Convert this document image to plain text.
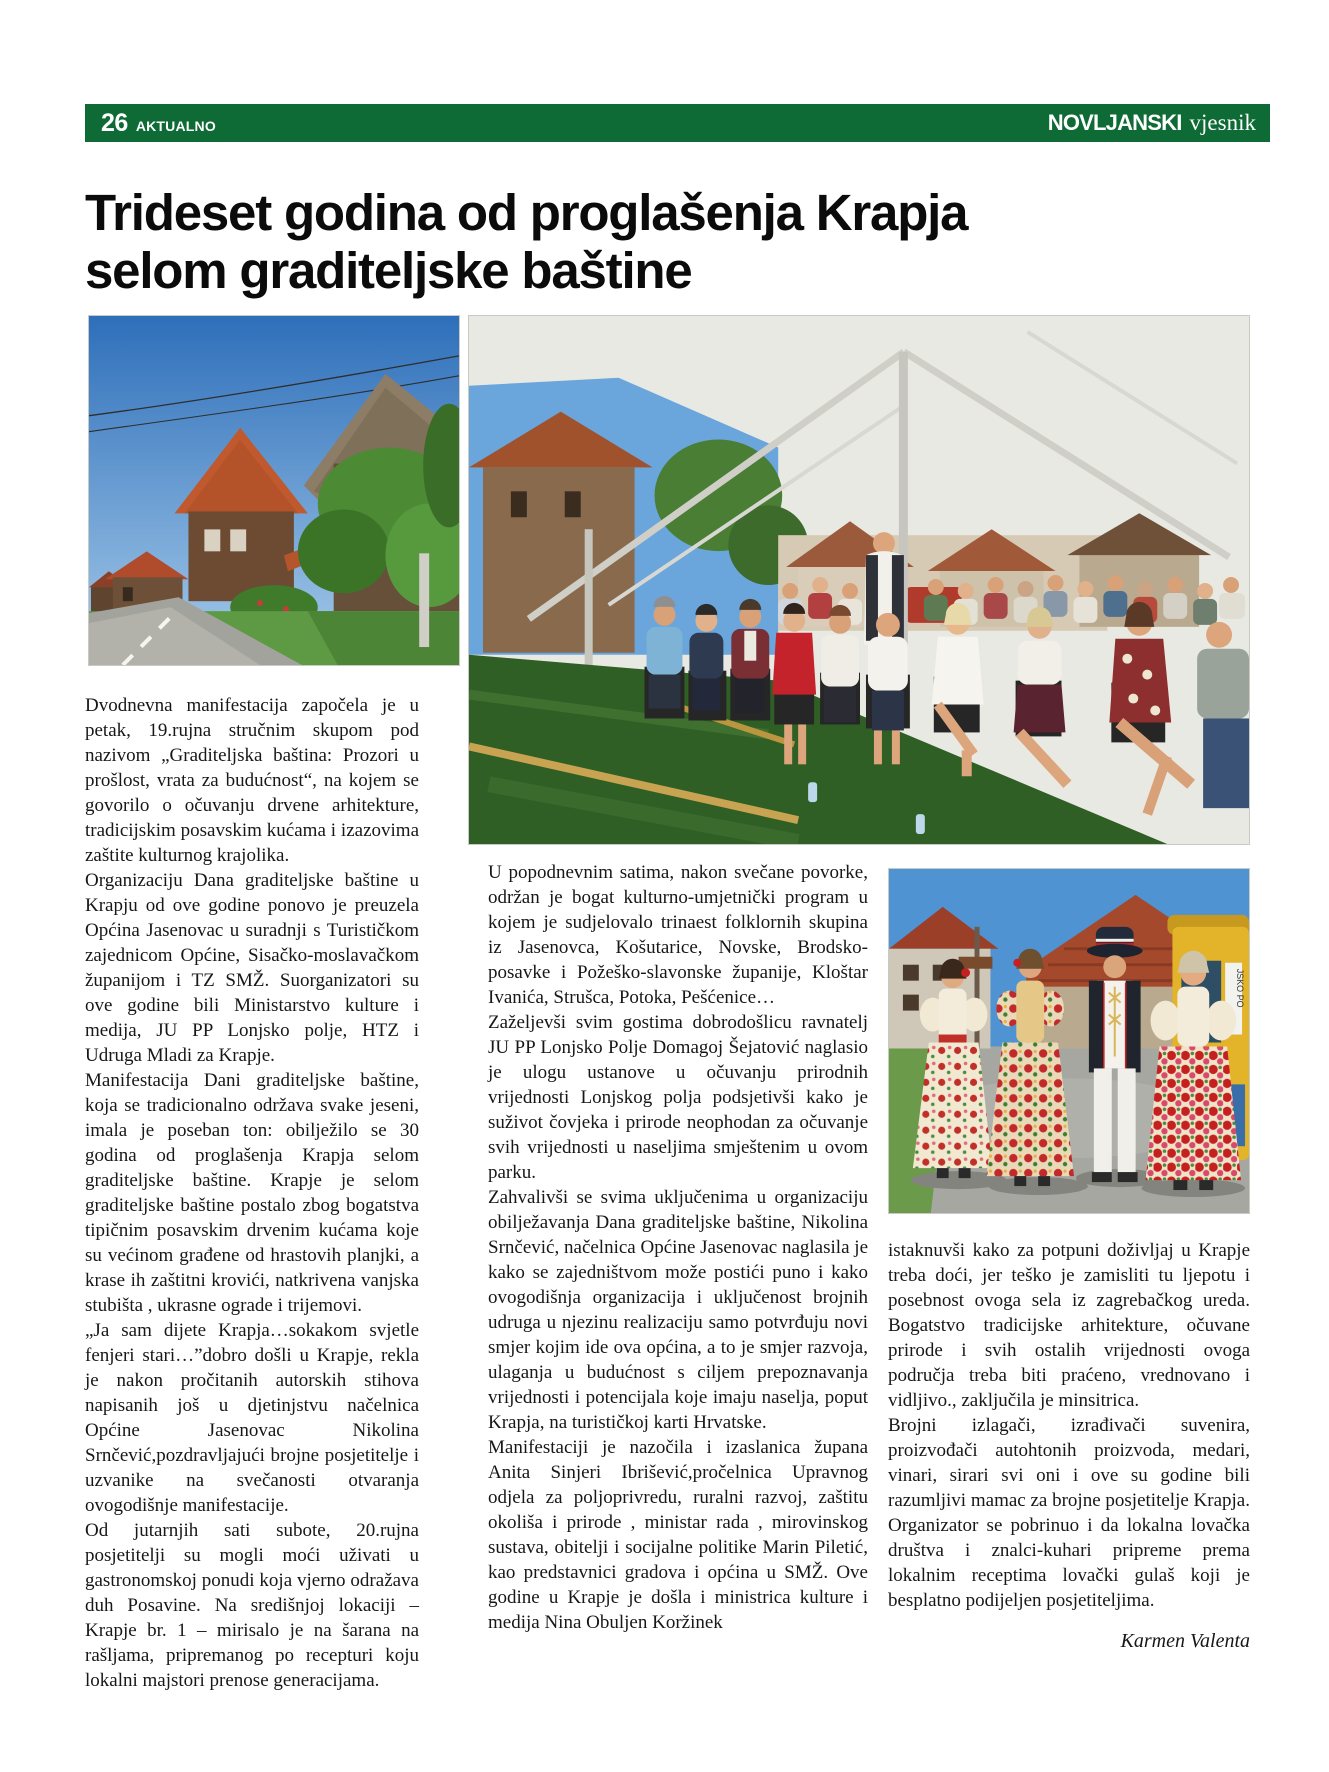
26 AKTUALNO	NOVLJANSKI vjesnik
Trideset godina od proglašenja Krapja
selom graditeljske baštine
JSKO PO

Dvodnevna manifestacija započela je u petak, 19.rujna stručnim skupom pod nazivom „Graditeljska baština: Prozori u prošlost, vrata za budućnost“, na kojem se govorilo o očuvanju drvene arhitekture, tradicijskim posavskim kućama i izazovima zaštite kulturnog krajolika.

Organizaciju Dana graditeljske baštine u Krapju od ove godine ponovo je preuzela Općina Jasenovac u suradnji s Turističkom zajednicom Općine, Sisačko-moslavačkom županijom i TZ SMŽ. Suorganizatori su ove godine bili Ministarstvo kulture i medija, JU PP Lonjsko polje, HTZ i Udruga Mladi za Krapje.

Manifestacija Dani graditeljske baštine, koja se tradicionalno održava svake jeseni, imala je poseban ton: obilježilo se 30 godina od proglašenja Krapja selom graditeljske baštine. Krapje je selom graditeljske baštine postalo zbog bogatstva tipičnim posavskim drvenim kućama koje su većinom građene od hrastovih planjki, a krase ih zaštitni krovići, natkrivena vanjska stubišta , ukrasne ograde i trijemovi.

„Ja sam dijete Krapja…sokakom svjetle fenjeri stari…”dobro došli u Krapje, rekla je nakon pročitanih autorskih stihova napisanih još u djetinjstvu načelnica Općine Jasenovac Nikolina Srnčević,pozdravljajući brojne posjetitelje i uzvanike na svečanosti otvaranja ovogodišnje manifestacije.

Od jutarnjih sati subote, 20.rujna posjetitelji su mogli moći uživati u gastronomskoj ponudi koja vjerno odražava duh Posavine. Na središnjoj lokaciji – Krapje br. 1 – mirisalo je na šarana na rašljama, pripremanog po recepturi koju lokalni majstori prenose generacijama.

U popodnevnim satima, nakon svečane povorke, održan je bogat kulturno-umjetnički program u kojem je sudjelovalo trinaest folklornih skupina iz Jasenovca, Košutarice, Novske, Brodsko-posavke i Požeško-slavonske županije, Kloštar Ivanića, Strušca, Potoka, Pešćenice…

Zaželjevši svim gostima dobrodošlicu ravnatelj JU PP Lonjsko Polje Domagoj Šejatović naglasio je ulogu ustanove u očuvanju prirodnih vrijednosti Lonjskog polja podsjetivši kako je suživot čovjeka i prirode neophodan za očuvanje svih vrijednosti u naseljima smještenim u ovom parku.

Zahvalivši se svima uključenima u organizaciju obilježavanja Dana graditeljske baštine, Nikolina Srnčević, načelnica Općine Jasenovac naglasila je kako se zajedništvom može postići puno i kako ovogodišnja organizacija i uključenost brojnih udruga u njezinu realizaciju samo potvrđuju novi smjer kojim ide ova općina, a to je smjer razvoja, ulaganja u budućnost s ciljem prepoznavanja vrijednosti i potencijala koje imaju naselja, poput Krapja, na turističkoj karti Hrvatske.

Manifestaciji je nazočila i izaslanica župana Anita Sinjeri Ibrišević,pročelnica Upravnog odjela za poljoprivredu, ruralni razvoj, zaštitu okoliša i prirode , ministar rada , mirovinskog sustava, obitelji i socijalne politike Marin Piletić, kao predstavnici gradova i općina u SMŽ. Ove godine u Krapje je došla i ministrica kulture i medija Nina Obuljen Koržinek

istaknuvši kako za potpuni doživljaj u Krapje treba doći, jer teško je zamisliti tu ljepotu i posebnost ovoga sela iz zagrebačkog ureda. Bogatstvo tradicijske arhitekture, očuvane prirode i svih ostalih vrijednosti ovoga područja treba biti praćeno, vrednovano i vidljivo., zaključila je minsitrica.

Brojni izlagači, izrađivači suvenira, proizvođači autohtonih proizvoda, medari, vinari, sirari svi oni i ove su godine bili razumljivi mamac za brojne posjetitelje Krapja. Organizator se pobrinuo i da lokalna lovačka društva i znalci-kuhari pripreme prema lokalnim receptima lovački gulaš koji je besplatno podijeljen posjetiteljima.

Karmen Valenta
